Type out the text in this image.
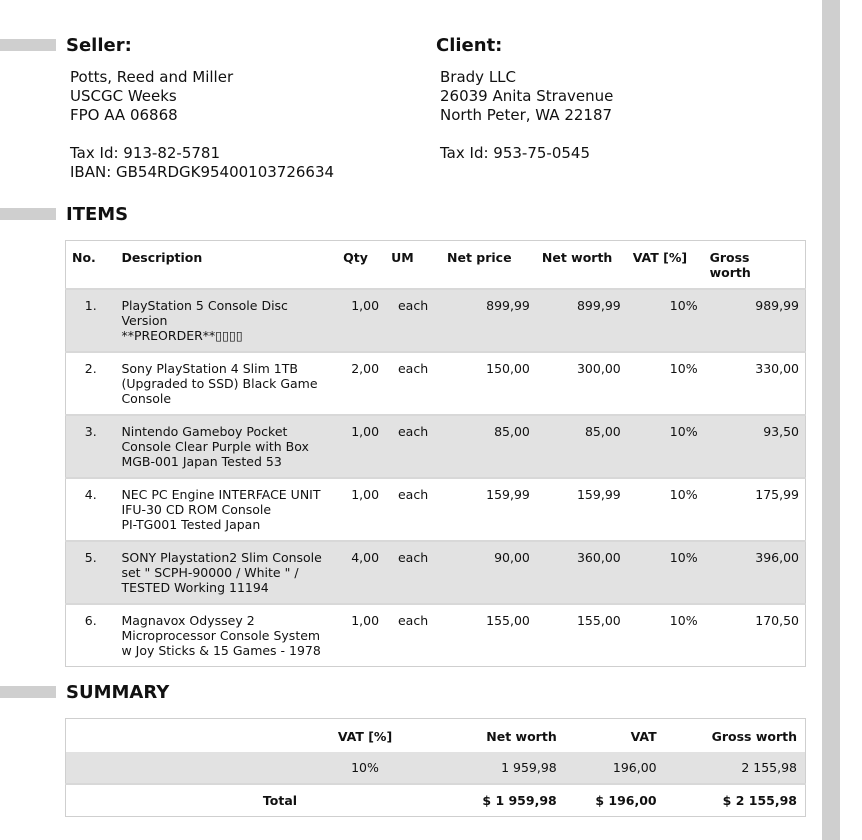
Seller:	Client:
Potts, Reed and Miller
USCGC Weeks
FPO AA 06868
Tax Id: 913-82-5781
IBAN: GB54RDGK95400103726634
Brady LLC
26039 Anita Stravenue
North Peter, WA 22187
Tax Id: 953-75-0545
ITEMS
No.	Description	Qty	UM	Net price	Net worth	VAT [%]	Gross
worth

1.	PlayStation 5 Console Disc
Version
**PREORDER**▯▯▯▯	1,00	each	899,99	899,99	10%	989,99
2.	Sony PlayStation 4 Slim 1TB
(Upgraded to SSD) Black Game
Console	2,00	each	150,00	300,00	10%	330,00
3.	Nintendo Gameboy Pocket
Console Clear Purple with Box
MGB-001 Japan Tested 53	1,00	each	85,00	85,00	10%	93,50
4.	NEC PC Engine INTERFACE UNIT
IFU-30 CD ROM Console
PI-TG001 Tested Japan	1,00	each	159,99	159,99	10%	175,99
5.	SONY Playstation2 Slim Console
set " SCPH-90000 / White " /
TESTED Working 11194	4,00	each	90,00	360,00	10%	396,00
6.	Magnavox Odyssey 2
Microprocessor Console System
w Joy Sticks & 15 Games - 1978	1,00	each	155,00	155,00	10%	170,50
SUMMARY
	VAT [%]	Net worth	VAT	Gross worth
	10%	1 959,98	196,00	2 155,98
Total		$ 1 959,98	$ 196,00	$ 2 155,98
